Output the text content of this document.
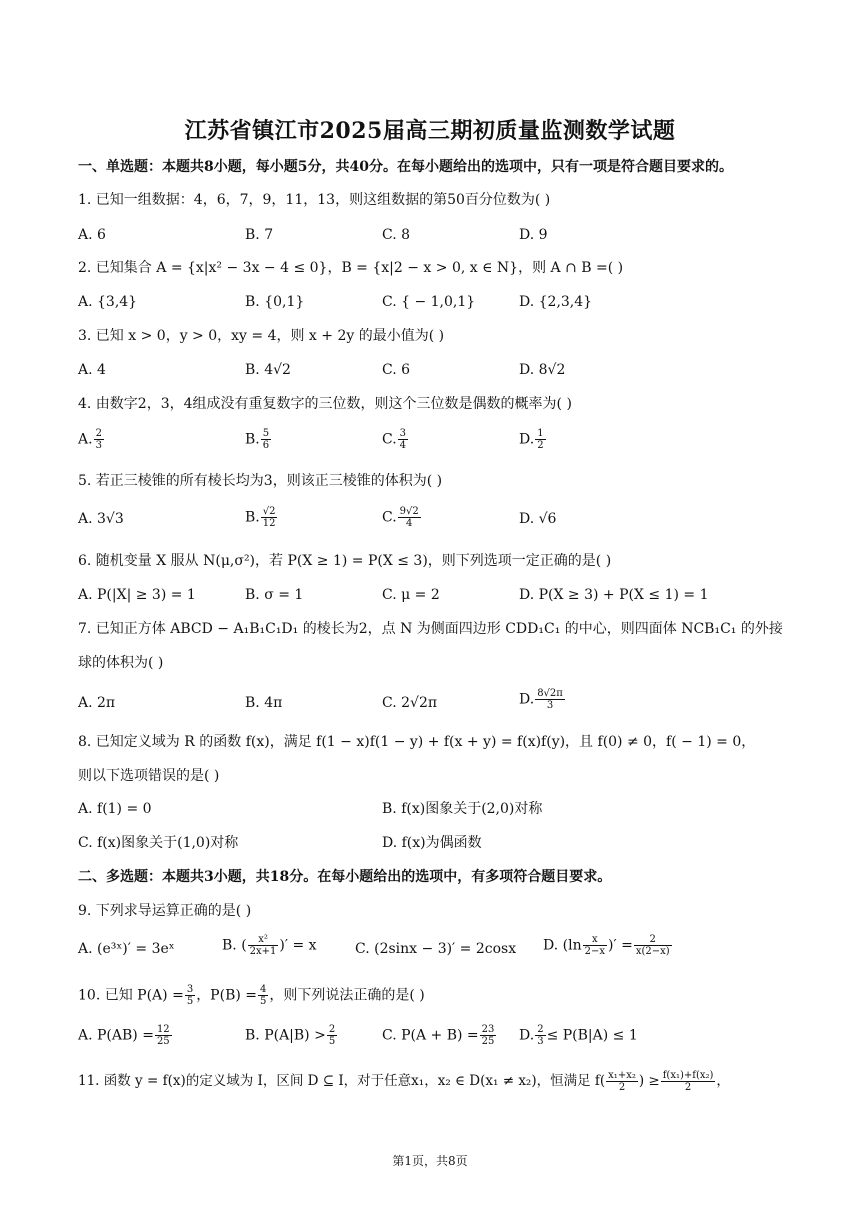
江苏省镇江市2025届高三期初质量监测数学试题
一、单选题：本题共8小题，每小题5分，共40分。在每小题给出的选项中，只有一项是符合题目要求的。
1. 已知一组数据：4，6，7，9，11，13，则这组数据的第50百分位数为( )
A. 6	B. 7	C. 8	D. 9
2. 已知集合 A = {x|x² − 3x − 4 ≤ 0}，B = {x|2 − x > 0, x ∈ N}，则 A ∩ B =( )
A. {3,4}	B. {0,1}	C. { − 1,0,1}	D. {2,3,4}
3. 已知 x > 0，y > 0，xy = 4，则 x + 2y 的最小值为( )
A. 4	B. 4√2	C. 6	D. 8√2
4. 由数字2，3，4组成没有重复数字的三位数，则这个三位数是偶数的概率为( )
A. $\frac{2}{3}$	B. $\frac{5}{6}$	C. $\frac{3}{4}$	D. $\frac{1}{2}$
5. 若正三棱锥的所有棱长均为3，则该正三棱锥的体积为( )
A. 3√3	B. $\frac{√2}{12}$	C. $\frac{9√2}{4}$	D. √6
6. 随机变量 X 服从 N(μ,σ²)，若 P(X ≥ 1) = P(X ≤ 3)，则下列选项一定正确的是( )
A. P(|X| ≥ 3) = 1	B. σ = 1	C. μ = 2	D. P(X ≥ 3) + P(X ≤ 1) = 1
7. 已知正方体 ABCD − A₁B₁C₁D₁ 的棱长为2，点 N 为侧面四边形 CDD₁C₁ 的中心，则四面体 NCB₁C₁ 的外接
球的体积为( )
A. 2π	B. 4π	C. 2√2π	D. $\frac{8√2\pi}{3}$
8. 已知定义域为 R 的函数 f(x)，满足 f(1 − x)f(1 − y) + f(x + y) = f(x)f(y)，且 f(0) ≠ 0，f( − 1) = 0，
则以下选项错误的是( )
A. f(1) = 0	B. f(x)图象关于(2,0)对称
C. f(x)图象关于(1,0)对称	D. f(x)为偶函数
二、多选题：本题共3小题，共18分。在每小题给出的选项中，有多项符合题目要求。
9. 下列求导运算正确的是( )
A. (e³ˣ)′ = 3eˣ	B. ( $\frac{\text{x²}}{2x+1}$ )′ = x	C. (2sinx − 3)′ = 2cosx D. ($\ln \frac{x}{2-x}$ )′ = $\frac{2}{x(2-x)}$
10. 已知 $P(A) = \frac{3}{5}$ ，$P(B) = \frac{4}{5}$ ，则下列说法正确的是( )
A. $P(AB) = \frac{12}{25}$	B. $P(A|B) > \frac{2}{5}$	C. $P(A + B) = \frac{23}{25} D$. $\frac{2}{3} \le P(B|A) \le 1$
11. 函数 y = f(x)的定义域为 I，区间 D ⊆ I，对于任意x₁，x₂ ∈ D(x₁ ≠ x₂)，恒满足 $f( \frac{\text{x₁+x₂}}{2}$ ) ≥ $\frac{\text{f(x₁)+f(x₂)}}{2}$ ，
第1页，共8页
